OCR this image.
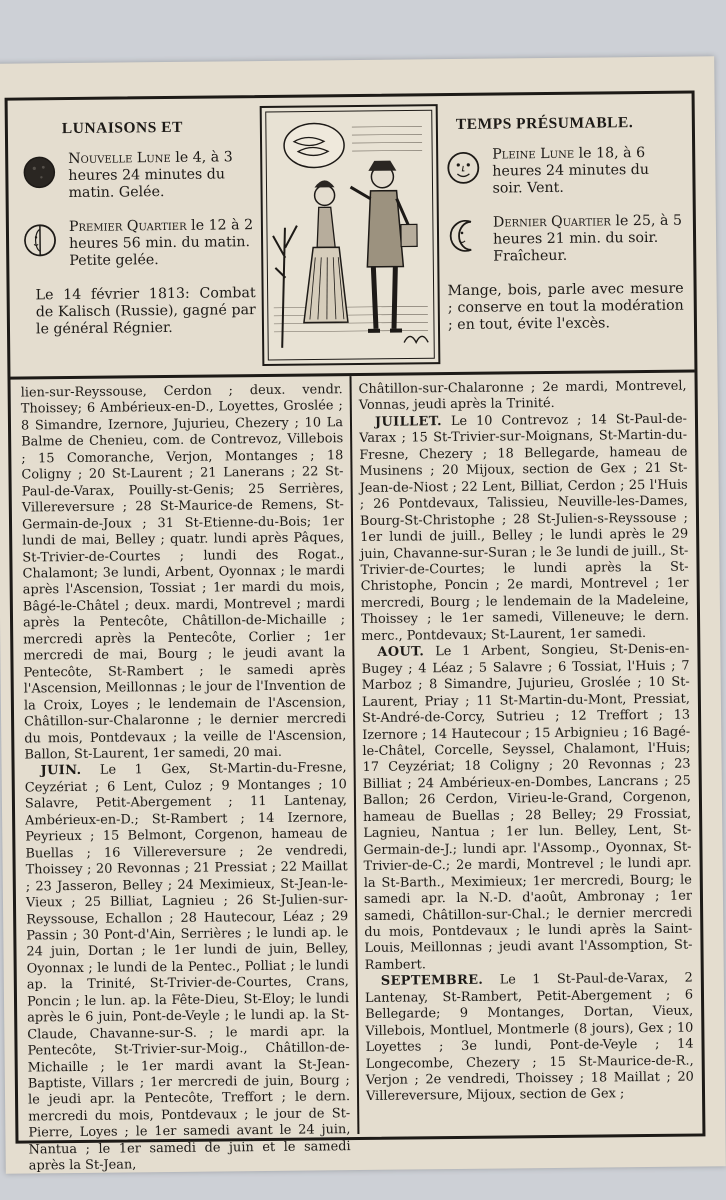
LUNAISONS ET
Nouvelle Lune le 4, à 3 heures 24 minutes du matin. Gelée.
Premier Quartier le 12 à 2 heures 56 min. du matin. Petite gelée.
Le 14 février 1813: Combat de Kalisch (Russie), gagné par le général Régnier.
TEMPS PRÉSUMABLE.
Pleine Lune le 18, à 6 heures 24 minutes du soir. Vent.
Dernier Quartier le 25, à 5 heures 21 min. du soir. Fraîcheur.
Mange, bois, parle avec mesure ; conserve en tout la modération ; en tout, évite l'excès.

lien-sur-Reyssouse, Cerdon ; deux. vendr. Thoissey; 6 Ambérieux-en-D., Loyettes, Groslée ; 8 Simandre, Izernore, Jujurieu, Chezery ; 10 La Balme de Chenieu, com. de Contrevoz, Villebois ; 15 Comoranche, Verjon, Montanges ; 18 Coligny ; 20 St-Laurent ; 21 Lanerans ; 22 St-Paul-de-Varax, Pouilly-st-Genis; 25 Serrières, Villereversure ; 28 St-Maurice-de Remens, St-Germain-de-Joux ; 31 St-Etienne-du-Bois; 1er lundi de mai, Belley ; quatr. lundi après Pâques, St-Trivier-de-Courtes ; lundi des Rogat., Chalamont; 3e lundi, Arbent, Oyonnax ; le mardi après l'Ascension, Tossiat ; 1er mardi du mois, Bâgé-le-Châtel ; deux. mardi, Montrevel ; mardi après la Pentecôte, Châtillon-de-Michaille ; mercredi après la Pentecôte, Corlier ; 1er mercredi de mai, Bourg ; le jeudi avant la Pentecôte, St-Rambert ; le samedi après l'Ascension, Meillonnas ; le jour de l'Invention de la Croix, Loyes ; le lendemain de l'Ascension, Châtillon-sur-Chalaronne ; le dernier mercredi du mois, Pontdevaux ; la veille de l'Ascension, Ballon, St-Laurent, 1er samedi, 20 mai.

JUIN. Le 1 Gex, St-Martin-du-Fresne, Ceyzériat ; 6 Lent, Culoz ; 9 Montanges ; 10 Salavre, Petit-Abergement ; 11 Lantenay, Ambérieux-en-D.; St-Rambert ; 14 Izernore, Peyrieux ; 15 Belmont, Corgenon, hameau de Buellas ; 16 Villereversure ; 2e vendredi, Thoissey ; 20 Revonnas ; 21 Pressiat ; 22 Maillat ; 23 Jasseron, Belley ; 24 Meximieux, St-Jean-le-Vieux ; 25 Billiat, Lagnieu ; 26 St-Julien-sur-Reyssouse, Echallon ; 28 Hautecour, Léaz ; 29 Passin ; 30 Pont-d'Ain, Serrières ; le lundi ap. le 24 juin, Dortan ; le 1er lundi de juin, Belley, Oyonnax ; le lundi de la Pentec., Polliat ; le lundi ap. la Trinité, St-Trivier-de-Courtes, Crans, Poncin ; le lun. ap. la Fête-Dieu, St-Eloy; le lundi après le 6 juin, Pont-de-Veyle ; le lundi ap. la St-Claude, Chavanne-sur-S. ; le mardi apr. la Pentecôte, St-Trivier-sur-Moig., Châtillon-de-Michaille ; le 1er mardi avant la St-Jean-Baptiste, Villars ; 1er mercredi de juin, Bourg ; le jeudi apr. la Pentecôte, Treffort ; le dern. mercredi du mois, Pontdevaux ; le jour de St-Pierre, Loyes ; le 1er samedi avant le 24 juin, Nantua ; le 1er samedi de juin et le samedi après la St-Jean,

Châtillon-sur-Chalaronne ; 2e mardi, Montrevel, Vonnas, jeudi après la Trinité.

JUILLET. Le 10 Contrevoz ; 14 St-Paul-de-Varax ; 15 St-Trivier-sur-Moignans, St-Martin-du-Fresne, Chezery ; 18 Bellegarde, hameau de Musinens ; 20 Mijoux, section de Gex ; 21 St-Jean-de-Niost ; 22 Lent, Billiat, Cerdon ; 25 l'Huis ; 26 Pontdevaux, Talissieu, Neuville-les-Dames, Bourg-St-Christophe ; 28 St-Julien-s-Reyssouse ; 1er lundi de juill., Belley ; le lundi après le 29 juin, Chavanne-sur-Suran ; le 3e lundi de juill., St-Trivier-de-Courtes; le lundi après la St-Christophe, Poncin ; 2e mardi, Montrevel ; 1er mercredi, Bourg ; le lendemain de la Madeleine, Thoissey ; le 1er samedi, Villeneuve; le dern. merc., Pontdevaux; St-Laurent, 1er samedi.

AOUT. Le 1 Arbent, Songieu, St-Denis-en-Bugey ; 4 Léaz ; 5 Salavre ; 6 Tossiat, l'Huis ; 7 Marboz ; 8 Simandre, Jujurieu, Groslée ; 10 St-Laurent, Priay ; 11 St-Martin-du-Mont, Pressiat, St-André-de-Corcy, Sutrieu ; 12 Treffort ; 13 Izernore ; 14 Hautecour ; 15 Arbignieu ; 16 Bagé-le-Châtel, Corcelle, Seyssel, Chalamont, l'Huis; 17 Ceyzériat; 18 Coligny ; 20 Revonnas ; 23 Billiat ; 24 Ambérieux-en-Dombes, Lancrans ; 25 Ballon; 26 Cerdon, Virieu-le-Grand, Corgenon, hameau de Buellas ; 28 Belley; 29 Frossiat, Lagnieu, Nantua ; 1er lun. Belley, Lent, St-Germain-de-J.; lundi apr. l'Assomp., Oyonnax, St-Trivier-de-C.; 2e mardi, Montrevel ; le lundi apr. la St-Barth., Meximieux; 1er mercredi, Bourg; le samedi apr. la N.-D. d'août, Ambronay ; 1er samedi, Châtillon-sur-Chal.; le dernier mercredi du mois, Pontdevaux ; le lundi après la Saint-Louis, Meillonnas ; jeudi avant l'Assomption, St-Rambert.

SEPTEMBRE. Le 1 St-Paul-de-Varax, 2 Lantenay, St-Rambert, Petit-Abergement ; 6 Bellegarde; 9 Montanges, Dortan, Vieux, Villebois, Montluel, Montmerle (8 jours), Gex ; 10 Loyettes ; 3e lundi, Pont-de-Veyle ; 14 Longecombe, Chezery ; 15 St-Maurice-de-R., Verjon ; 2e vendredi, Thoissey ; 18 Maillat ; 20 Villereversure, Mijoux, section de Gex ;
